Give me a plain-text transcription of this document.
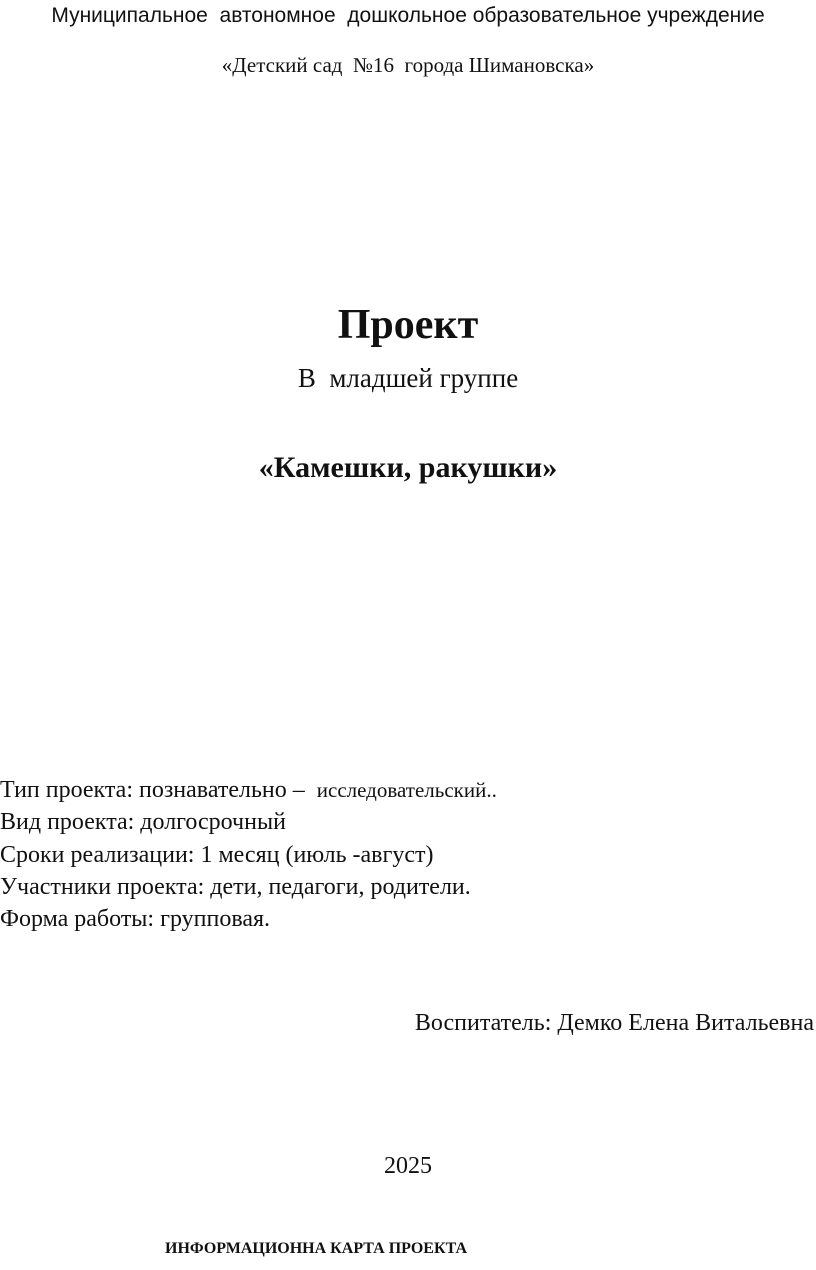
Муниципальное  автономное  дошкольное образовательное учреждение

«Детский сад  №16  города Шимановска»

Проект

В  младшей группе

«Камешки, ракушки»

Тип проекта: познавательно –  исследовательский..

Вид проекта: долгосрочный

Сроки реализации: 1 месяц (июль -август)

Участники проекта: дети, педагоги, родители.

Форма работы: групповая.

Воспитатель: Демко Елена Витальевна

2025

ИНФОРМАЦИОННА КАРТА ПРОЕКТА
